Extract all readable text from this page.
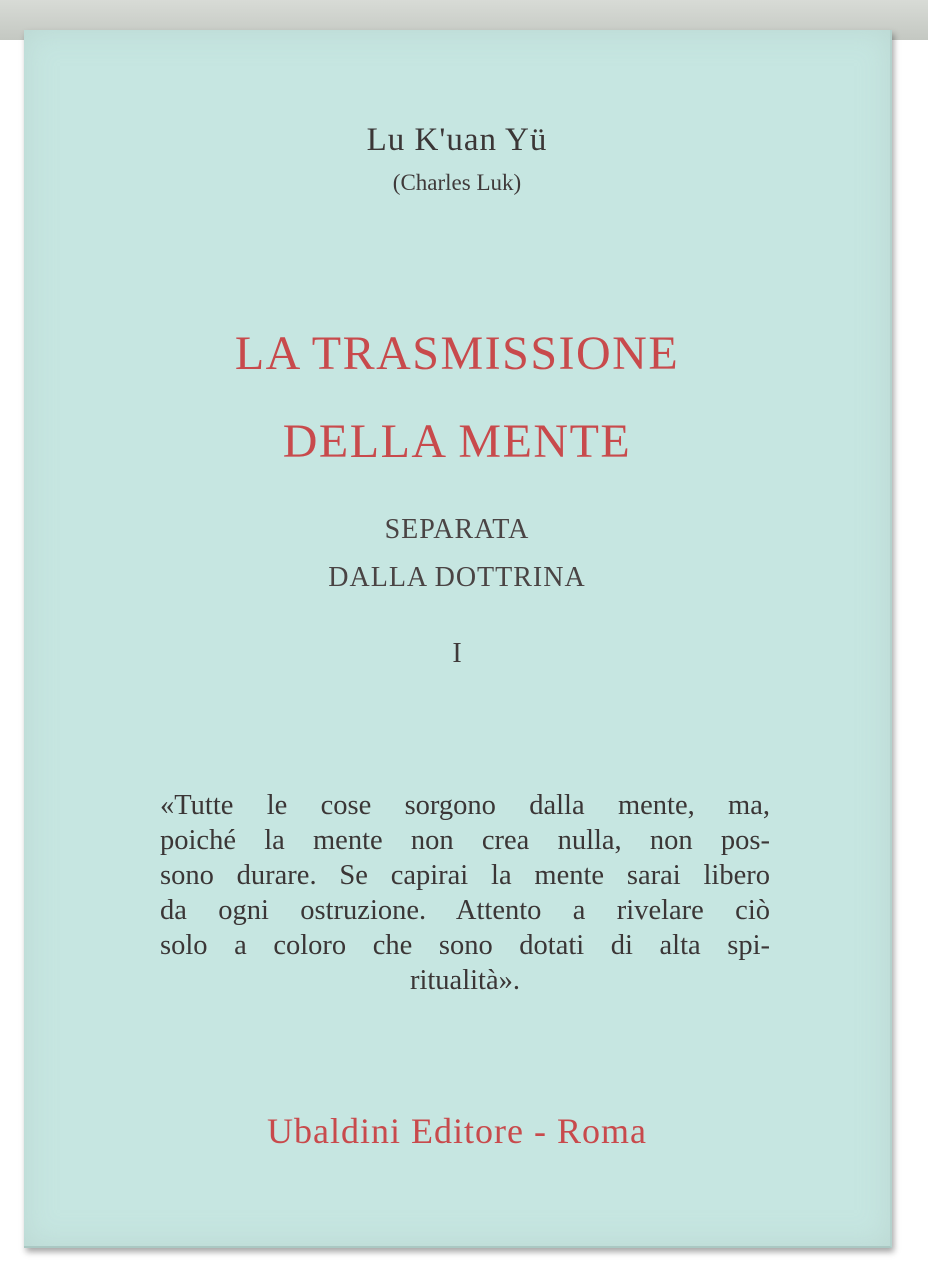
Lu K'uan Yü
(Charles Luk)
LA TRASMISSIONE
DELLA MENTE
SEPARATA
DALLA DOTTRINA
I
«Tutte le cose sorgono dalla mente, ma,
poiché la mente non crea nulla, non pos-
sono durare. Se capirai la mente sarai libero
da ogni ostruzione. Attento a rivelare ciò
solo a coloro che sono dotati di alta spi-
ritualità».
Ubaldini Editore - Roma
